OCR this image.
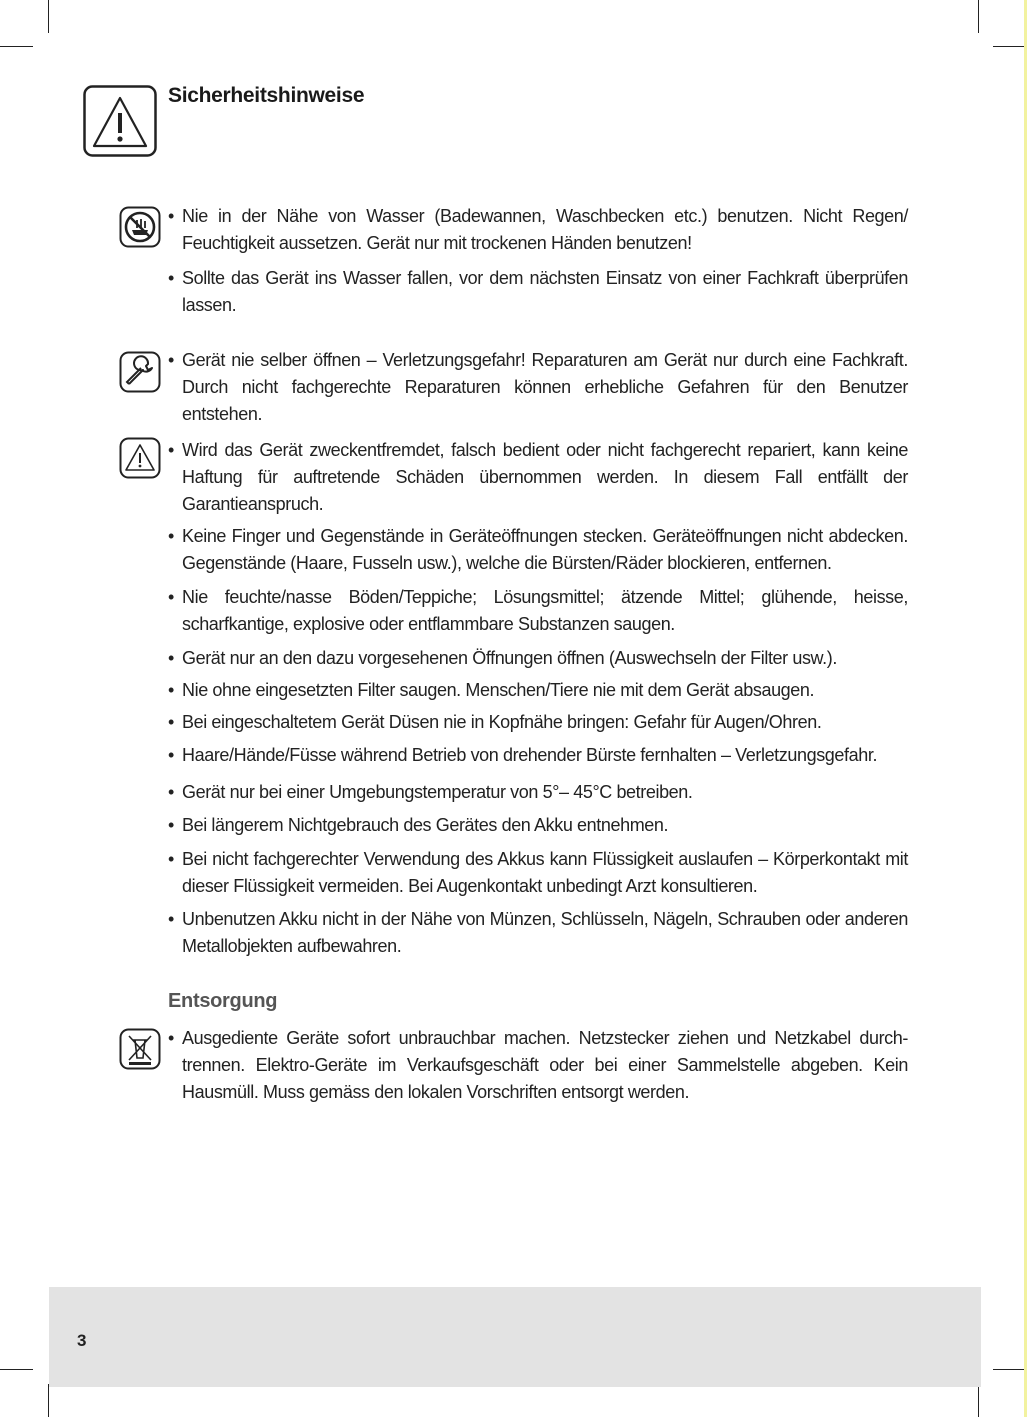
Sicherheitshinweise
• Nie in der Nähe von Wasser (Badewannen, Waschbecken etc.) benutzen. Nicht Regen/ Feuchtigkeit aussetzen. Gerät nur mit trockenen Händen benutzen!
• Sollte das Gerät ins Wasser fallen, vor dem nächsten Einsatz von einer Fachkraft überprüfen lassen.
• Gerät nie selber öffnen – Verletzungsgefahr! Reparaturen am Gerät nur durch eine Fachkraft. Durch nicht fachgerechte Reparaturen können erhebliche Gefahren für den Benutzer entstehen.
• Wird das Gerät zweckentfremdet, falsch bedient oder nicht fachgerecht repariert, kann keine Haftung für auftretende Schäden übernommen werden. In diesem Fall entfällt der Garantieanspruch.
• Keine Finger und Gegenstände in Geräteöffnungen stecken. Geräteöffnungen nicht abdecken. Gegenstände (Haare, Fusseln usw.), welche die Bürsten/Räder blockieren, entfernen.
• Nie feuchte/nasse Böden/Teppiche; Lösungsmittel; ätzende Mittel; glühende, heisse, scharfkantige, explosive oder entflammbare Substanzen saugen.
• Gerät nur an den dazu vorgesehenen Öffnungen öffnen (Auswechseln der Filter usw.).
• Nie ohne eingesetzten Filter saugen. Menschen/Tiere nie mit dem Gerät absaugen.
• Bei eingeschaltetem Gerät Düsen nie in Kopfnähe bringen: Gefahr für Augen/Ohren.
• Haare/Hände/Füsse während Betrieb von drehender Bürste fernhalten – Verletzungsgefahr.
• Gerät nur bei einer Umgebungstemperatur von 5°– 45°C betreiben.
• Bei längerem Nichtgebrauch des Gerätes den Akku entnehmen.
• Bei nicht fachgerechter Verwendung des Akkus kann Flüssigkeit auslaufen – Körperkontakt mit dieser Flüssigkeit vermeiden. Bei Augenkontakt unbedingt Arzt konsultieren.
• Unbenutzen Akku nicht in der Nähe von Münzen, Schlüsseln, Nägeln, Schrauben oder anderen Metallobjekten aufbewahren.
Entsorgung
• Ausgediente Geräte sofort unbrauchbar machen. Netzstecker ziehen und Netzkabel durch-trennen. Elektro-Geräte im Verkaufsgeschäft oder bei einer Sammelstelle abgeben. Kein Hausmüll. Muss gemäss den lokalen Vorschriften entsorgt werden.
3
